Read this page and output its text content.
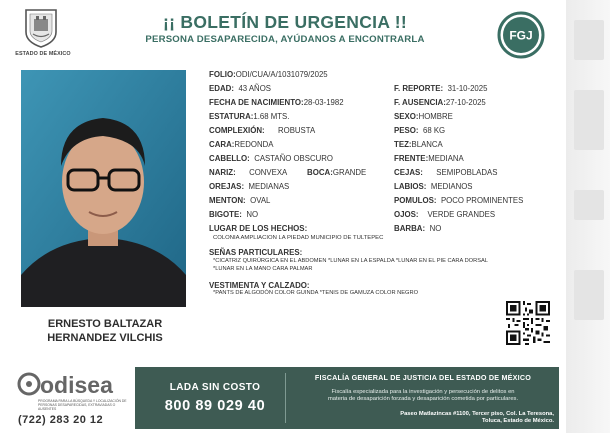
ESTADO DE MÉXICO
¡¡ BOLETÍN DE URGENCIA !!
PERSONA DESAPARECIDA, AYÚDANOS A ENCONTRARLA	FGJ
ERNESTO BALTAZAR
HERNANDEZ VILCHIS
FOLIO:ODI/CUA/A/1031079/2025
EDAD: 43 AÑOS	F. REPORTE: 31-10-2025
FECHA DE NACIMIENTO:28-03-1982	F. AUSENCIA:27-10-2025
ESTATURA:1.68 MTS.	SEXO:HOMBRE
COMPLEXIÓN: ROBUSTA	PESO: 68 KG
CARA:REDONDA	TEZ:BLANCA
CABELLO: CASTAÑO OBSCURO	FRENTE:MEDIANA
NARIZ: CONVEXA	BOCA:GRANDE	CEJAS: SEMIPOBLADAS
OREJAS: MEDIANAS	LABIOS: MEDIANOS
MENTON: OVAL	POMULOS: POCO PROMINENTES
BIGOTE: NO	OJOS: VERDE GRANDES
LUGAR DE LOS HECHOS:	BARBA: NO
COLONIA AMPLIACION LA PIEDAD MUNICIPIO DE TULTEPEC
SEÑAS PARTICULARES:
*CICATRIZ QUIRÚRGICA EN EL ABDOMEN *LUNAR EN LA ESPALDA *LUNAR EN EL PIE CARA DORSAL
*LUNAR EN LA MANO CARA PALMAR
VESTIMENTA Y CALZADO:
*PANTS DE ALGODÓN COLOR GUINDA *TENIS DE GAMUZA COLOR NEGRO
odisea
PROGRAMA PARA LA BÚSQUEDA Y LOCALIZACIÓN DE PERSONAS DESAPARECIDAS, EXTRAVIADAS O AUSENTES
(722) 283 20 12
LADA SIN COSTO
800 89 029 40
FISCALÍA GENERAL DE JUSTICIA DEL ESTADO DE MÉXICO
Fiscalía especializada para la investigación y persecución de delitos en
materia de desaparición forzada y desaparición cometida por particulares.
Paseo Matlazincas #1100, Tercer piso, Col. La Teresona,
Toluca, Estado de México.
